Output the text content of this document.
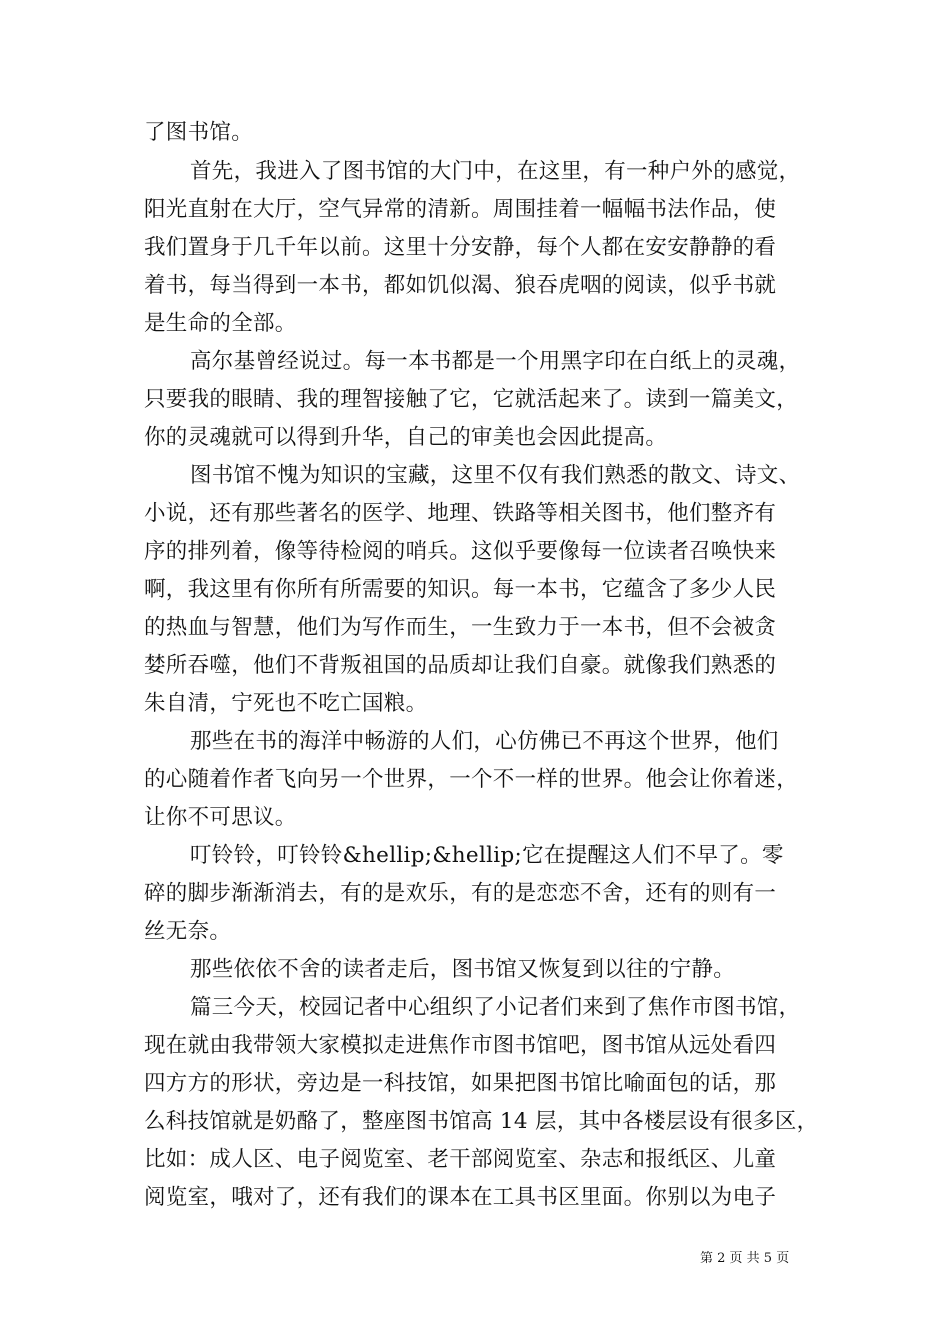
了图书馆。
首先，我进入了图书馆的大门中，在这里，有一种户外的感觉，
阳光直射在大厅，空气异常的清新。周围挂着一幅幅书法作品，使
我们置身于几千年以前。这里十分安静，每个人都在安安静静的看
着书，每当得到一本书，都如饥似渴、狼吞虎咽的阅读，似乎书就
是生命的全部。
高尔基曾经说过。每一本书都是一个用黑字印在白纸上的灵魂，
只要我的眼睛、我的理智接触了它，它就活起来了。读到一篇美文，
你的灵魂就可以得到升华，自己的审美也会因此提高。
图书馆不愧为知识的宝藏，这里不仅有我们熟悉的散文、诗文、
小说，还有那些著名的医学、地理、铁路等相关图书，他们整齐有
序的排列着，像等待检阅的哨兵。这似乎要像每一位读者召唤快来
啊，我这里有你所有所需要的知识。每一本书，它蕴含了多少人民
的热血与智慧，他们为写作而生，一生致力于一本书，但不会被贪
婪所吞噬，他们不背叛祖国的品质却让我们自豪。就像我们熟悉的
朱自清，宁死也不吃亡国粮。
那些在书的海洋中畅游的人们，心仿佛已不再这个世界，他们
的心随着作者飞向另一个世界，一个不一样的世界。他会让你着迷，
让你不可思议。
叮铃铃，叮铃铃&hellip;&hellip;它在提醒这人们不早了。零
碎的脚步渐渐消去，有的是欢乐，有的是恋恋不舍，还有的则有一
丝无奈。
那些依依不舍的读者走后，图书馆又恢复到以往的宁静。
篇三今天，校园记者中心组织了小记者们来到了焦作市图书馆，
现在就由我带领大家模拟走进焦作市图书馆吧，图书馆从远处看四
四方方的形状，旁边是一科技馆，如果把图书馆比喻面包的话，那
么科技馆就是奶酪了，整座图书馆高 14 层，其中各楼层设有很多区，
比如：成人区、电子阅览室、老干部阅览室、杂志和报纸区、儿童
阅览室，哦对了，还有我们的课本在工具书区里面。你别以为电子
第 2 页 共 5 页
